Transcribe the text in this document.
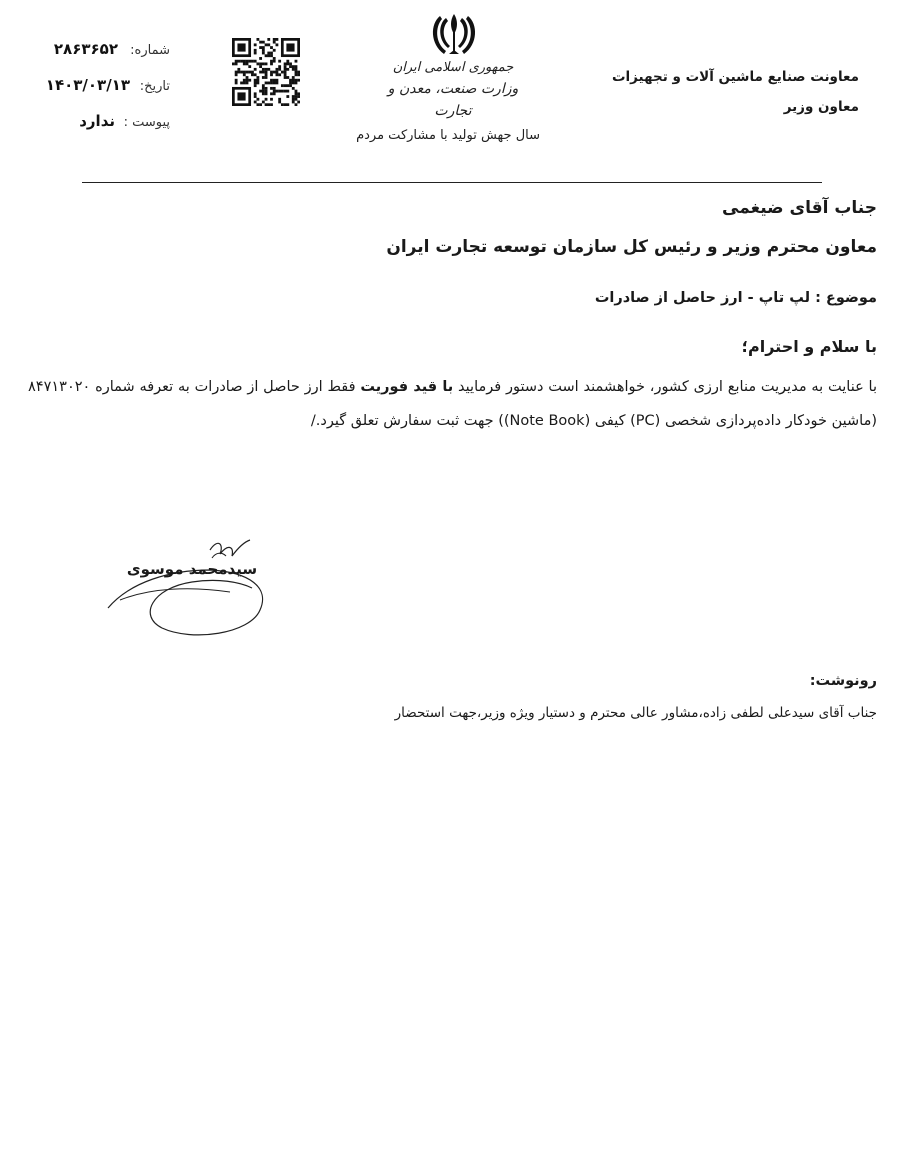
شماره:
۲۸۶۳۶۵۲
تاریخ:
۱۴۰۳/۰۳/۱۳
پیوست :
ندارد
جمهوری اسلامی ایران
وزارت صنعت، معدن و تجارت
سال جهش تولید با مشارکت مردم
معاونت صنایع ماشین آلات و تجهیزات
معاون وزیر
جناب آقای ضیغمی
معاون محترم وزیر و رئیس کل سازمان توسعه تجارت ایران
موضوع : لپ تاپ - ارز حاصل از صادرات
با سلام و احترام؛
با عنایت به مدیریت منابع ارزی کشور، خواهشمند است دستور فرمایید با قید فوریت فقط ارز حاصل از صادرات به تعرفه شماره ۸۴۷۱۳۰۲۰ (ماشین خودکار داده‌پردازی شخصی (PC) کیفی (Note Book)) جهت ثبت سفارش تعلق گیرد./
سیدمحمد موسوی
رونوشت:
جناب آقای سیدعلی لطفی زاده،مشاور عالی محترم و دستیار ویژه وزیر،جهت استحضار
